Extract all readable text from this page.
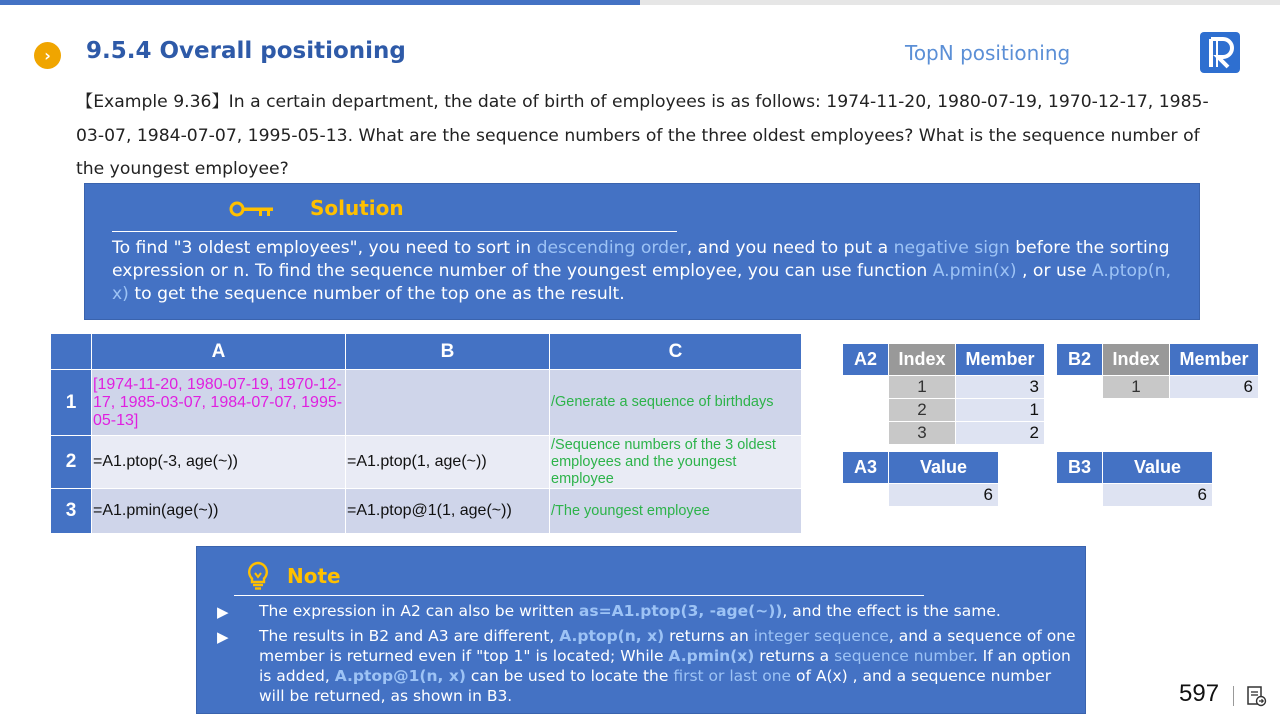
›	9.5.4 Overall positioning	TopN positioning
【Example 9.36】In a certain department, the date of birth of employees is as follows: 1974-11-20, 1980-07-19, 1970-12-17, 1985-03-07, 1984-07-07, 1995-05-13. What are the sequence numbers of the three oldest employees? What is the sequence number of the youngest employee?
Solution
To find "3 oldest employees", you need to sort in descending order, and you need to put a negative sign before the sorting expression or n. To find the sequence number of the youngest employee, you can use function A.pmin(x) , or use A.ptop(n, x) to get the sequence number of the top one as the result.
	A	B	C
1	[1974-11-20, 1980-07-19, 1970-12-17, 1985-03-07, 1984-07-07, 1995-05-13]		/Generate a sequence of birthdays
2	=A1.ptop(-3, age(~))	=A1.ptop(1, age(~))	/Sequence numbers of the 3 oldest employees and the youngest employee
3	=A1.pmin(age(~))	=A1.ptop@1(1, age(~))	/The youngest employee
A2	Index	Member
	1	3
	2	1
	3	2
B2	Index	Member
	1	6
A3	Value
	6
B3	Value
	6
Note
▶ The expression in A2 can also be written as=A1.ptop(3, -age(~)), and the effect is the same.
▶ The results in B2 and A3 are different, A.ptop(n, x) returns an integer sequence, and a sequence of one member is returned even if "top 1" is located; While A.pmin(x) returns a sequence number. If an option is added, A.ptop@1(n, x) can be used to locate the first or last one of A(x) , and a sequence number will be returned, as shown in B3.	597
